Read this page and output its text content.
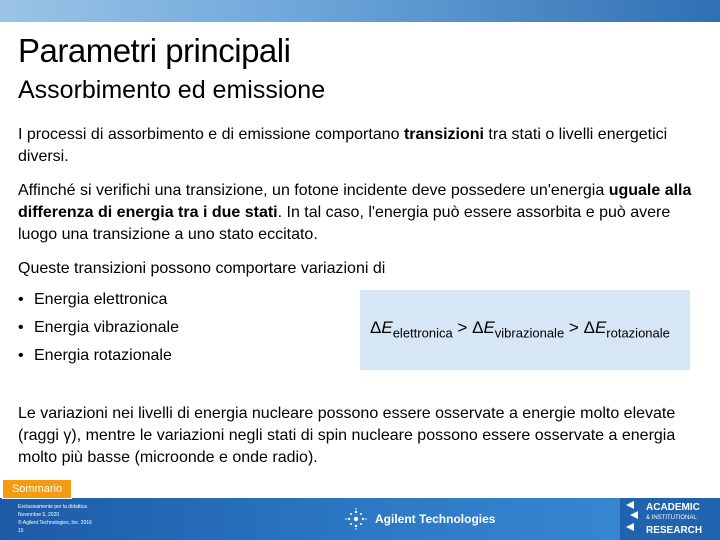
Parametri principali
Assorbimento ed emissione
I processi di assorbimento e di emissione comportano transizioni tra stati o livelli energetici diversi.
Affinché si verifichi una transizione, un fotone incidente deve possedere un'energia uguale alla differenza di energia tra i due stati. In tal caso, l'energia può essere assorbita e può avere luogo una transizione a uno stato eccitato.
Queste transizioni possono comportare variazioni di
• Energia elettronica
• Energia vibrazionale
• Energia rotazionale
$\Delta E_{elettronica} > \Delta E_{vibrazionale} > \Delta E_{rotazionale}$
Le variazioni nei livelli di energia nucleare possono essere osservate a energie molto elevate (raggi γ), mentre le variazioni negli stati di spin nucleare possono essere osservate a energia molto più basse (microonde e onde radio).
Sommario
Esclusivamente per la didattica
Novembre 5, 2020
© Agilent Technologies, Inc. 2016
15
Agilent Technologies
ACADEMIC
& INSTITUTIONAL
RESEARCH
